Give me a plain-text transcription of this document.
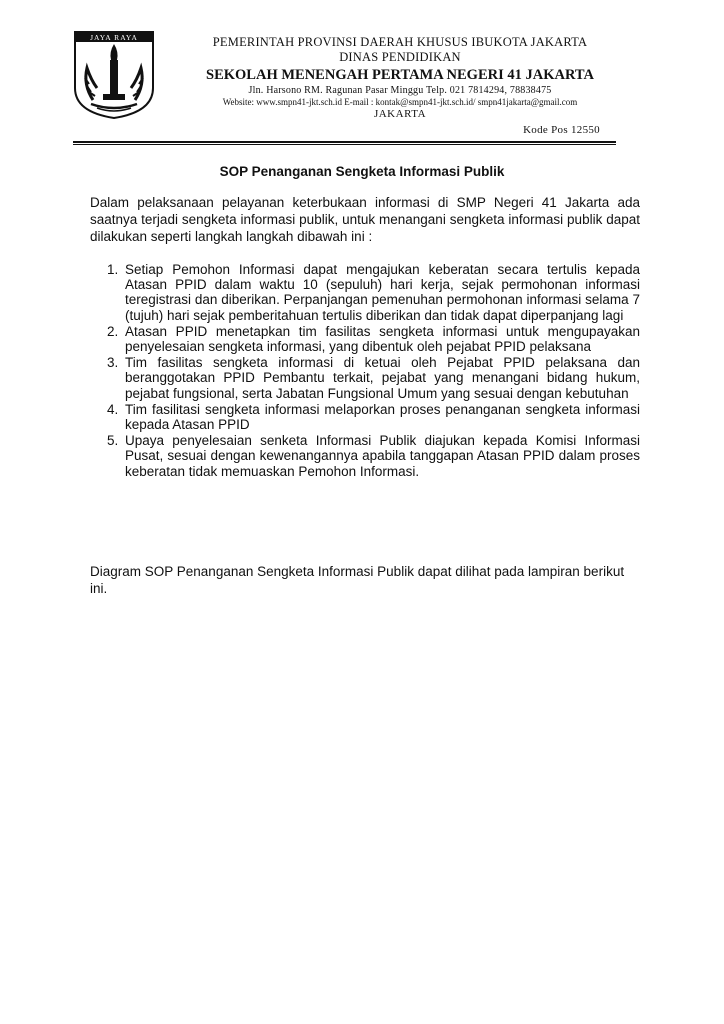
JAYA RAYA	PEMERINTAH PROVINSI DAERAH KHUSUS IBUKOTA JAKARTA
DINAS PENDIDIKAN
SEKOLAH MENENGAH PERTAMA NEGERI 41 JAKARTA
Jln. Harsono RM. Ragunan Pasar Minggu Telp. 021 7814294, 78838475
Website: www.smpn41-jkt.sch.id E-mail : kontak@smpn41-jkt.sch.id/ smpn41jakarta@gmail.com
JAKARTA
Kode Pos 12550
SOP Penanganan Sengketa Informasi Publik
Dalam pelaksanaan pelayanan keterbukaan informasi di SMP Negeri 41 Jakarta ada saatnya terjadi sengketa informasi publik, untuk menangani sengketa informasi publik dapat dilakukan seperti langkah langkah dibawah ini :
1. Setiap Pemohon Informasi dapat mengajukan keberatan secara tertulis kepada Atasan PPID dalam waktu 10 (sepuluh) hari kerja, sejak permohonan informasi teregistrasi dan diberikan. Perpanjangan pemenuhan permohonan informasi selama 7 (tujuh) hari sejak pemberitahuan tertulis diberikan dan tidak dapat diperpanjang lagi
2. Atasan PPID menetapkan tim fasilitas sengketa informasi untuk mengupayakan penyelesaian sengketa informasi, yang dibentuk oleh pejabat PPID pelaksana
3. Tim fasilitas sengketa informasi di ketuai oleh Pejabat PPID pelaksana dan beranggotakan PPID Pembantu terkait, pejabat yang menangani bidang hukum, pejabat fungsional, serta Jabatan Fungsional Umum yang sesuai dengan kebutuhan
4. Tim fasilitasi sengketa informasi melaporkan proses penanganan sengketa informasi kepada Atasan PPID
5. Upaya penyelesaian senketa Informasi Publik diajukan kepada Komisi Informasi Pusat, sesuai dengan kewenangannya apabila tanggapan Atasan PPID dalam proses keberatan tidak memuaskan Pemohon Informasi.
Diagram SOP Penanganan Sengketa Informasi Publik dapat dilihat pada lampiran berikut ini.
